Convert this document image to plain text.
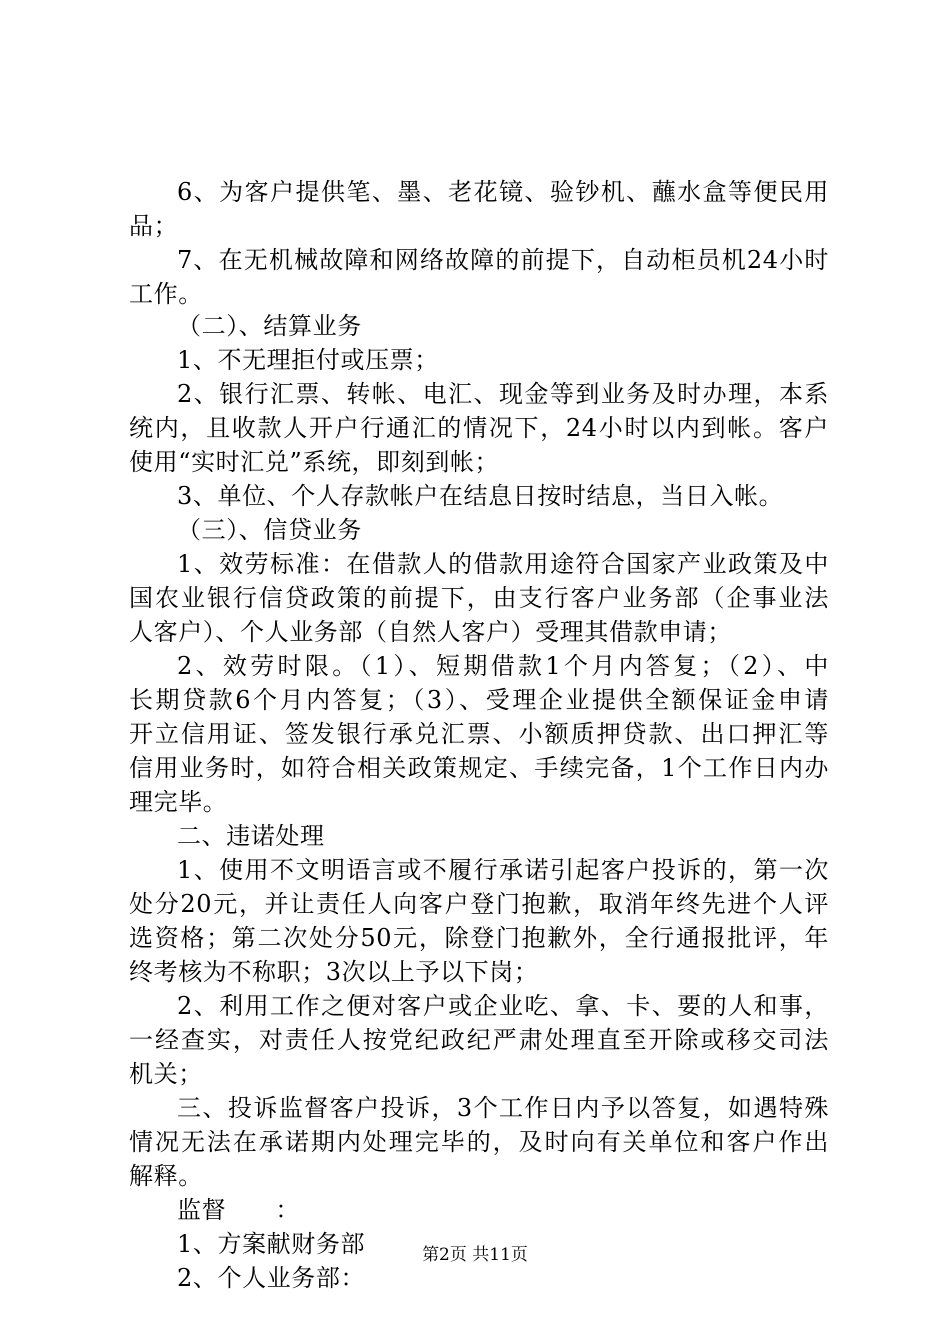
6、为客户提供笔、墨、老花镜、验钞机、蘸水盒等便民用
品；
7、在无机械故障和网络故障的前提下，自动柜员机24小时
工作。
（二）、结算业务
1、不无理拒付或压票；
2、银行汇票、转帐、电汇、现金等到业务及时办理，本系
统内，且收款人开户行通汇的情况下，24小时以内到帐。客户
使用“实时汇兑”系统，即刻到帐；
3、单位、个人存款帐户在结息日按时结息，当日入帐。
（三）、信贷业务
1、效劳标准：在借款人的借款用途符合国家产业政策及中
国农业银行信贷政策的前提下，由支行客户业务部（企事业法
人客户）、个人业务部（自然人客户）受理其借款申请；
2、效劳时限。（1）、短期借款1个月内答复；（2）、中
长期贷款6个月内答复；（3）、受理企业提供全额保证金申请
开立信用证、签发银行承兑汇票、小额质押贷款、出口押汇等
信用业务时，如符合相关政策规定、手续完备，1个工作日内办
理完毕。
二、违诺处理
1、使用不文明语言或不履行承诺引起客户投诉的，第一次
处分20元，并让责任人向客户登门抱歉，取消年终先进个人评
选资格；第二次处分50元，除登门抱歉外，全行通报批评，年
终考核为不称职；3次以上予以下岗；
2、利用工作之便对客户或企业吃、拿、卡、要的人和事，
一经查实，对责任人按党纪政纪严肃处理直至开除或移交司法
机关；
三、投诉监督客户投诉，3个工作日内予以答复，如遇特殊
情况无法在承诺期内处理完毕的，及时向有关单位和客户作出
解释。
监督　　：
1、方案献财务部
2、个人业务部：
第2页 共11页
